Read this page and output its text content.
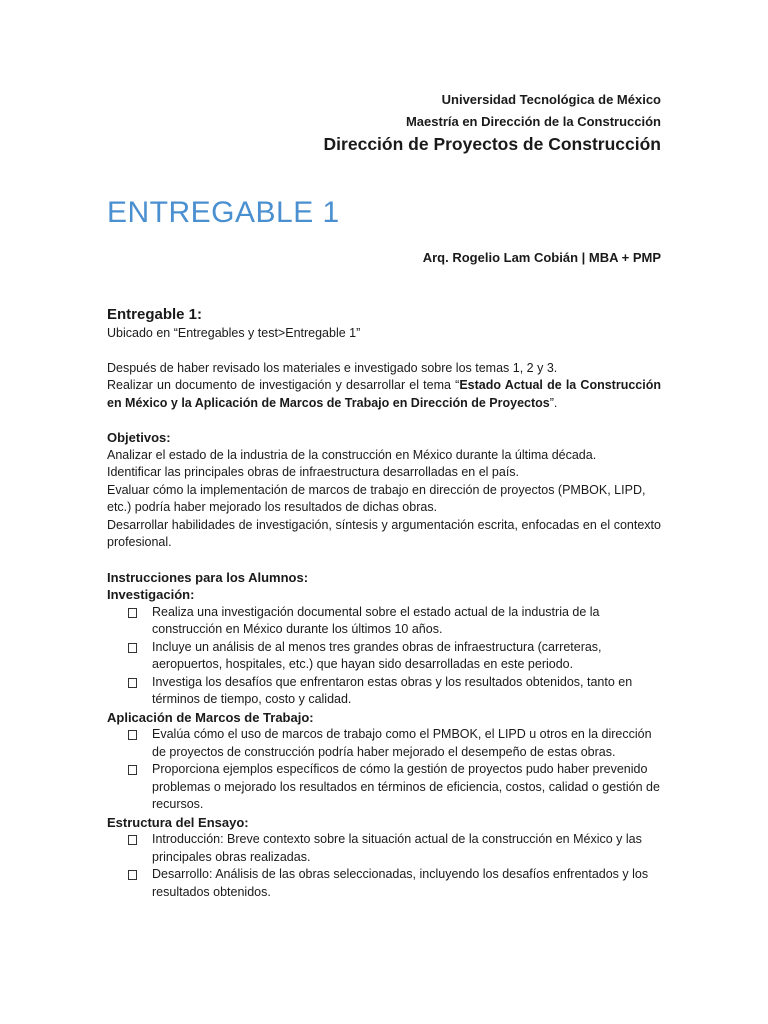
Universidad Tecnológica de México
Maestría en Dirección de la Construcción
Dirección de Proyectos de Construcción
ENTREGABLE 1
Arq. Rogelio Lam Cobián | MBA + PMP

Entregable 1:

Ubicado en “Entregables y test>Entregable 1”

Después de haber revisado los materiales e investigado sobre los temas 1, 2 y 3.

Realizar un documento de investigación y desarrollar el tema “Estado Actual de la Construcción en México y la Aplicación de Marcos de Trabajo en Dirección de Proyectos”.

Objetivos:

Analizar el estado de la industria de la construcción en México durante la última década.

Identificar las principales obras de infraestructura desarrolladas en el país.

Evaluar cómo la implementación de marcos de trabajo en dirección de proyectos (PMBOK, LIPD, etc.) podría haber mejorado los resultados de dichas obras.

Desarrollar habilidades de investigación, síntesis y argumentación escrita, enfocadas en el contexto profesional.

Instrucciones para los Alumnos:

Investigación:

Realiza una investigación documental sobre el estado actual de la industria de la construcción en México durante los últimos 10 años.
Incluye un análisis de al menos tres grandes obras de infraestructura (carreteras, aeropuertos, hospitales, etc.) que hayan sido desarrolladas en este periodo.
Investiga los desafíos que enfrentaron estas obras y los resultados obtenidos, tanto en términos de tiempo, costo y calidad.

Aplicación de Marcos de Trabajo:

Evalúa cómo el uso de marcos de trabajo como el PMBOK, el LIPD u otros en la dirección de proyectos de construcción podría haber mejorado el desempeño de estas obras.
Proporciona ejemplos específicos de cómo la gestión de proyectos pudo haber prevenido problemas o mejorado los resultados en términos de eficiencia, costos, calidad o gestión de recursos.

Estructura del Ensayo:

Introducción: Breve contexto sobre la situación actual de la construcción en México y las principales obras realizadas.
Desarrollo: Análisis de las obras seleccionadas, incluyendo los desafíos enfrentados y los resultados obtenidos.
